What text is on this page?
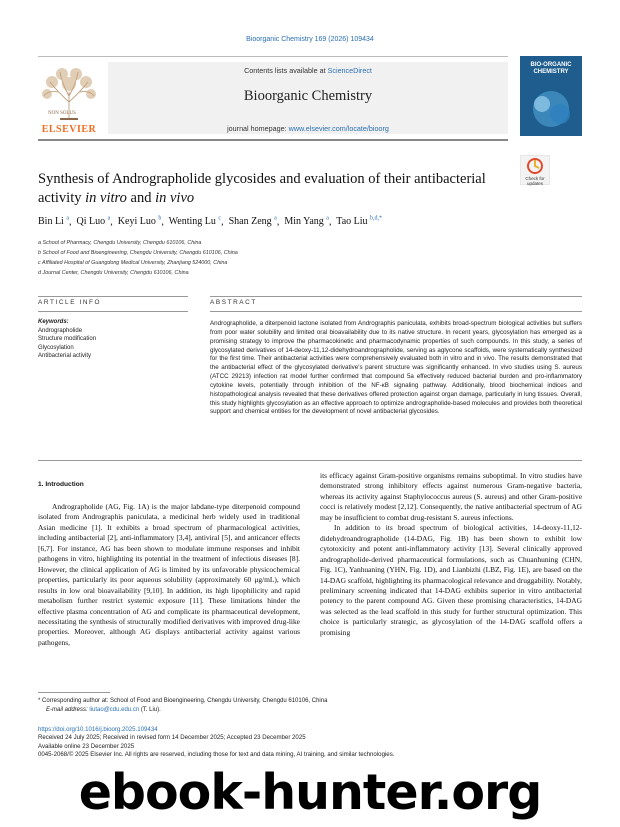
Bioorganic Chemistry 169 (2026) 109434
NON SOLUS
ELSEVIER
Contents lists available at ScienceDirect
Bioorganic Chemistry
journal homepage: www.elsevier.com/locate/bioorg
BIO-ORGANIC CHEMISTRY
Check for updates
Synthesis of Andrographolide glycosides and evaluation of their antibacterial activity in vitro and in vivo
Bin Li $^a$,  Qi Luo $^a$,  Keyi Luo $^b$,  Wenting Lu $^c$,  Shan Zeng $^a$,  Min Yang $^a$,  Tao Liu $^{b,d,*}$
a School of Pharmacy, Chengdu University, Chengdu 610106, China
b School of Food and Bioengineering, Chengdu University, Chengdu 610106, China
c Affiliated Hospital of Guangdong Medical University, Zhanjiang 524000, China
d Journal Center, Chengdu University, Chengdu 610106, China
ARTICLE INFO	ABSTRACT
Keywords:
Andrographolide
Structure modification
Glycosylation
Antibacterial activity
Andrographolide, a diterpenoid lactone isolated from Andrographis paniculata, exhibits broad-spectrum biological activities but suffers from poor water solubility and limited oral bioavailability due to its native structure. In recent years, glycosylation has emerged as a promising strategy to improve the pharmacokinetic and pharmacodynamic properties of such compounds. In this study, a series of glycosylated derivatives of 14-deoxy-11,12-didehydroandrographolide, serving as aglycone scaffolds, were systematically synthesized for the first time. Their antibacterial activities were comprehensively evaluated both in vitro and in vivo. The results demonstrated that the antibacterial effect of the glycosylated derivative's parent structure was significantly enhanced. In vivo studies using S. aureus (ATCC 29213) infection rat model further confirmed that compound 5a effectively reduced bacterial burden and pro-inflammatory cytokine levels, potentially through inhibition of the NF-κB signaling pathway. Additionally, blood biochemical indices and histopathological analysis revealed that these derivatives offered protection against organ damage, particularly in lung tissues. Overall, this study highlights glycosylation as an effective approach to optimize andrographolide-based molecules and provides both theoretical support and chemical entities for the development of novel antibacterial glycosides.
1. Introduction
Andrographolide (AG, Fig. 1A) is the major labdane-type diterpenoid compound isolated from Andrographis paniculata, a medicinal herb widely used in traditional Asian medicine [1]. It exhibits a broad spectrum of pharmacological activities, including antibacterial [2], anti-inflammatory [3,4], antiviral [5], and anticancer effects [6,7]. For instance, AG has been shown to modulate immune responses and inhibit pathogens in vitro, highlighting its potential in the treatment of infectious diseases [8]. However, the clinical application of AG is limited by its unfavorable physicochemical properties, particularly its poor aqueous solubility (approximately 60 μg/mL), which results in low oral bioavailability [9,10]. In addition, its high lipophilicity and rapid metabolism further restrict systemic exposure [11]. These limitations hinder the effective plasma concentration of AG and complicate its pharmaceutical development, necessitating the synthesis of structurally modified derivatives with improved drug-like properties. Moreover, although AG displays antibacterial activity against various pathogens,

its efficacy against Gram-positive organisms remains suboptimal. In vitro studies have demonstrated strong inhibitory effects against numerous Gram-negative bacteria, whereas its activity against Staphylococcus aureus (S. aureus) and other Gram-positive cocci is relatively modest [2,12]. Consequently, the native antibacterial spectrum of AG may be insufficient to combat drug-resistant S. aureus infections.

In addition to its broad spectrum of biological activities, 14-deoxy-11,12-didehydroandrographolide (14-DAG, Fig. 1B) has been shown to exhibit low cytotoxicity and potent anti-inflammatory activity [13]. Several clinically approved andrographolide-derived pharmaceutical formulations, such as Chuanhuning (CHN, Fig. 1C), Yanhuaning (YHN, Fig. 1D), and Lianbizhi (LBZ, Fig. 1E), are based on the 14-DAG scaffold, highlighting its pharmacological relevance and druggability. Notably, preliminary screening indicated that 14-DAG exhibits superior in vitro antibacterial potency to the parent compound AG. Given these promising characteristics, 14-DAG was selected as the lead scaffold in this study for further structural optimization. This choice is particularly strategic, as glycosylation of the 14-DAG scaffold offers a promising

* Corresponding author at: School of Food and Bioengineering, Chengdu University, Chengdu 610106, China
E-mail address: liutao@cdu.edu.cn (T. Liu).
https://doi.org/10.1016/j.bioorg.2025.109434
Received 24 July 2025; Received in revised form 14 December 2025; Accepted 23 December 2025
Available online 23 December 2025
0045-2068/© 2025 Elsevier Inc. All rights are reserved, including those for text and data mining, AI training, and similar technologies.
ebook-hunter.org
